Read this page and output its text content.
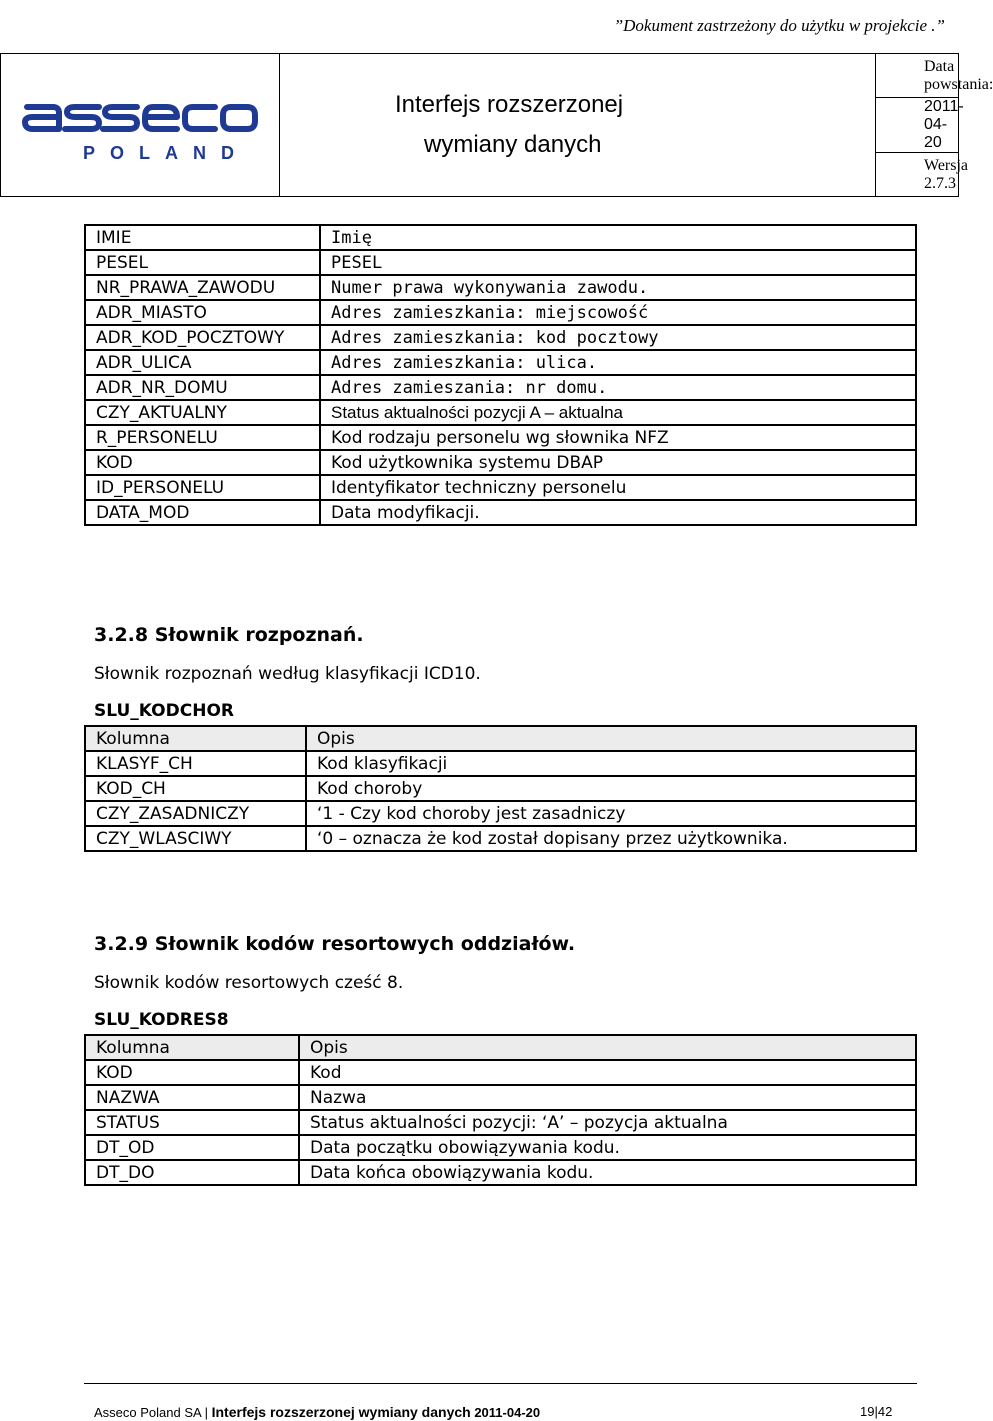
”Dokument zastrzeżony do użytku w projekcie .”
POLAND

Interfejs rozszerzonej
wymiany danych
	Data powstania:
2011-04-20
Wersja 2.7.3
IMIE	Imię
PESEL	PESEL
NR_PRAWA_ZAWODU	Numer prawa wykonywania zawodu.
ADR_MIASTO	Adres zamieszkania: miejscowość
ADR_KOD_POCZTOWY	Adres zamieszkania: kod pocztowy
ADR_ULICA	Adres zamieszkania: ulica.
ADR_NR_DOMU	Adres zamieszania: nr domu.
CZY_AKTUALNY	Status aktualności pozycji A – aktualna
R_PERSONELU	Kod rodzaju personelu wg słownika NFZ
KOD	Kod użytkownika systemu DBAP
ID_PERSONELU	Identyfikator techniczny personelu
DATA_MOD	Data modyfikacji.
3.2.8 Słownik rozpoznań.
Słownik rozpoznań według klasyfikacji ICD10.
SLU_KODCHOR
Kolumna	Opis
KLASYF_CH	Kod klasyfikacji
KOD_CH	Kod choroby
CZY_ZASADNICZY	‘1 - Czy kod choroby jest zasadniczy
CZY_WLASCIWY	‘0 – oznacza że kod został dopisany przez użytkownika.
3.2.9 Słownik kodów resortowych oddziałów.
Słownik kodów resortowych cześć 8.
SLU_KODRES8
Kolumna	Opis
KOD	Kod
NAZWA	Nazwa
STATUS	Status aktualności pozycji: ‘A’ – pozycja aktualna
DT_OD	Data początku obowiązywania kodu.
DT_DO	Data końca obowiązywania kodu.
Asseco Poland SA | Interfejs rozszerzonej wymiany danych 2011-04-20	19|42
